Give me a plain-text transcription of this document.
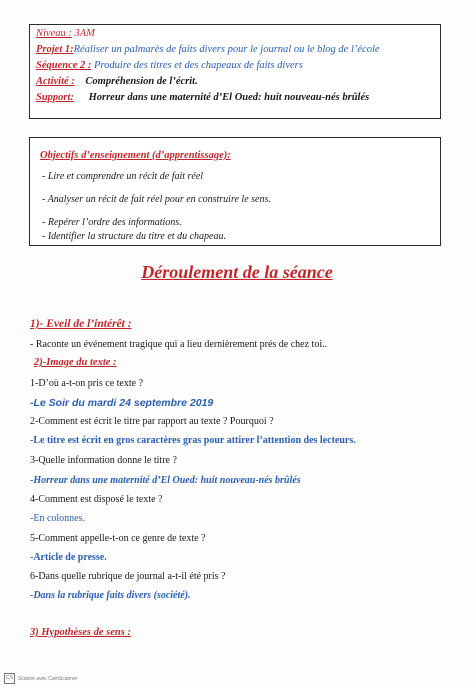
Niveau : 3AM
Projet 1:Réaliser un palmarès de faits divers pour le journal ou le blog de l’école
Séquence 2 : Produire des titres et des chapeaux de faits divers
Activité : Compréhension de l’écrit.
Support: Horreur dans une maternité d’El Oued: huit nouveau-nés brûlés
Objectifs d’enseignement (d’apprentissage):
- Lire et comprendre un récit de fait réel
- Analyser un récit de fait réel pour en construire le sens.
- Repérer l’ordre des informations.
- Identifier la structure du titre et du chapeau.
Déroulement de la séance
1)- Eveil de l’intérêt :
- Raconte un événement tragique qui a lieu dernièrement prés de chez toi..
2)-Image du texte :
1-D’où a-t-on pris ce texte ?
-Le Soir du mardi 24 septembre 2019
2-Comment est écrit le titre par rapport au texte ? Pourquoi ?
-Le titre est écrit en gros caractères gras pour attirer l’attention des lecteurs.
3-Quelle information donne le titre ?
-Horreur dans une maternité d’El Oued: huit nouveau-nés brûlés
4-Comment est disposé le texte ?
-En colonnes.
5-Comment appelle-t-on ce genre de texte ?
-Article de presse.
6-Dans quelle rubrique de journal a-t-il été pris ?
-Dans la rubrique faits divers (société).
3) Hypothèses de sens :
CS	Scanné avec CamScanner
